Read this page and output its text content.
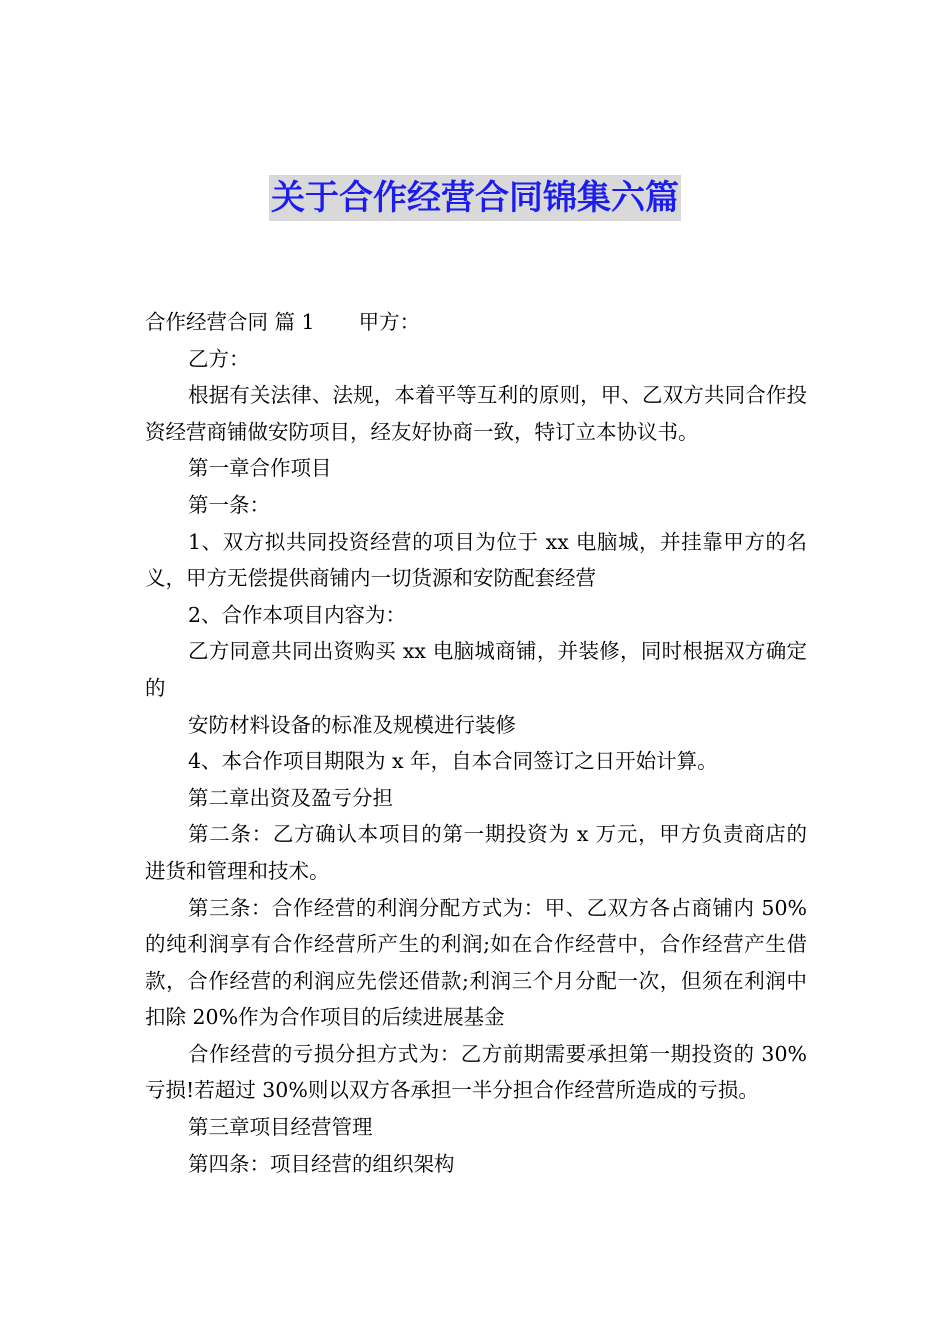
关于合作经营合同锦集六篇

合作经营合同 篇 1 甲方：

乙方：

根据有关法律、法规，本着平等互利的原则，甲、乙双方共同合作投资经营商铺做安防项目，经友好协商一致，特订立本协议书。

第一章合作项目

第一条：

1、双方拟共同投资经营的项目为位于 xx 电脑城，并挂靠甲方的名义，甲方无偿提供商铺内一切货源和安防配套经营

2、合作本项目内容为：

乙方同意共同出资购买 xx 电脑城商铺，并装修，同时根据双方确定的

安防材料设备的标准及规模进行装修

4、本合作项目期限为 x 年，自本合同签订之日开始计算。

第二章出资及盈亏分担

第二条：乙方确认本项目的第一期投资为 x 万元，甲方负责商店的进货和管理和技术。

第三条：合作经营的利润分配方式为：甲、乙双方各占商铺内 50%的纯利润享有合作经营所产生的利润;如在合作经营中，合作经营产生借款，合作经营的利润应先偿还借款;利润三个月分配一次，但须在利润中扣除 20%作为合作项目的后续进展基金

合作经营的亏损分担方式为：乙方前期需要承担第一期投资的 30%亏损!若超过 30%则以双方各承担一半分担合作经营所造成的亏损。

第三章项目经营管理

第四条：项目经营的组织架构
